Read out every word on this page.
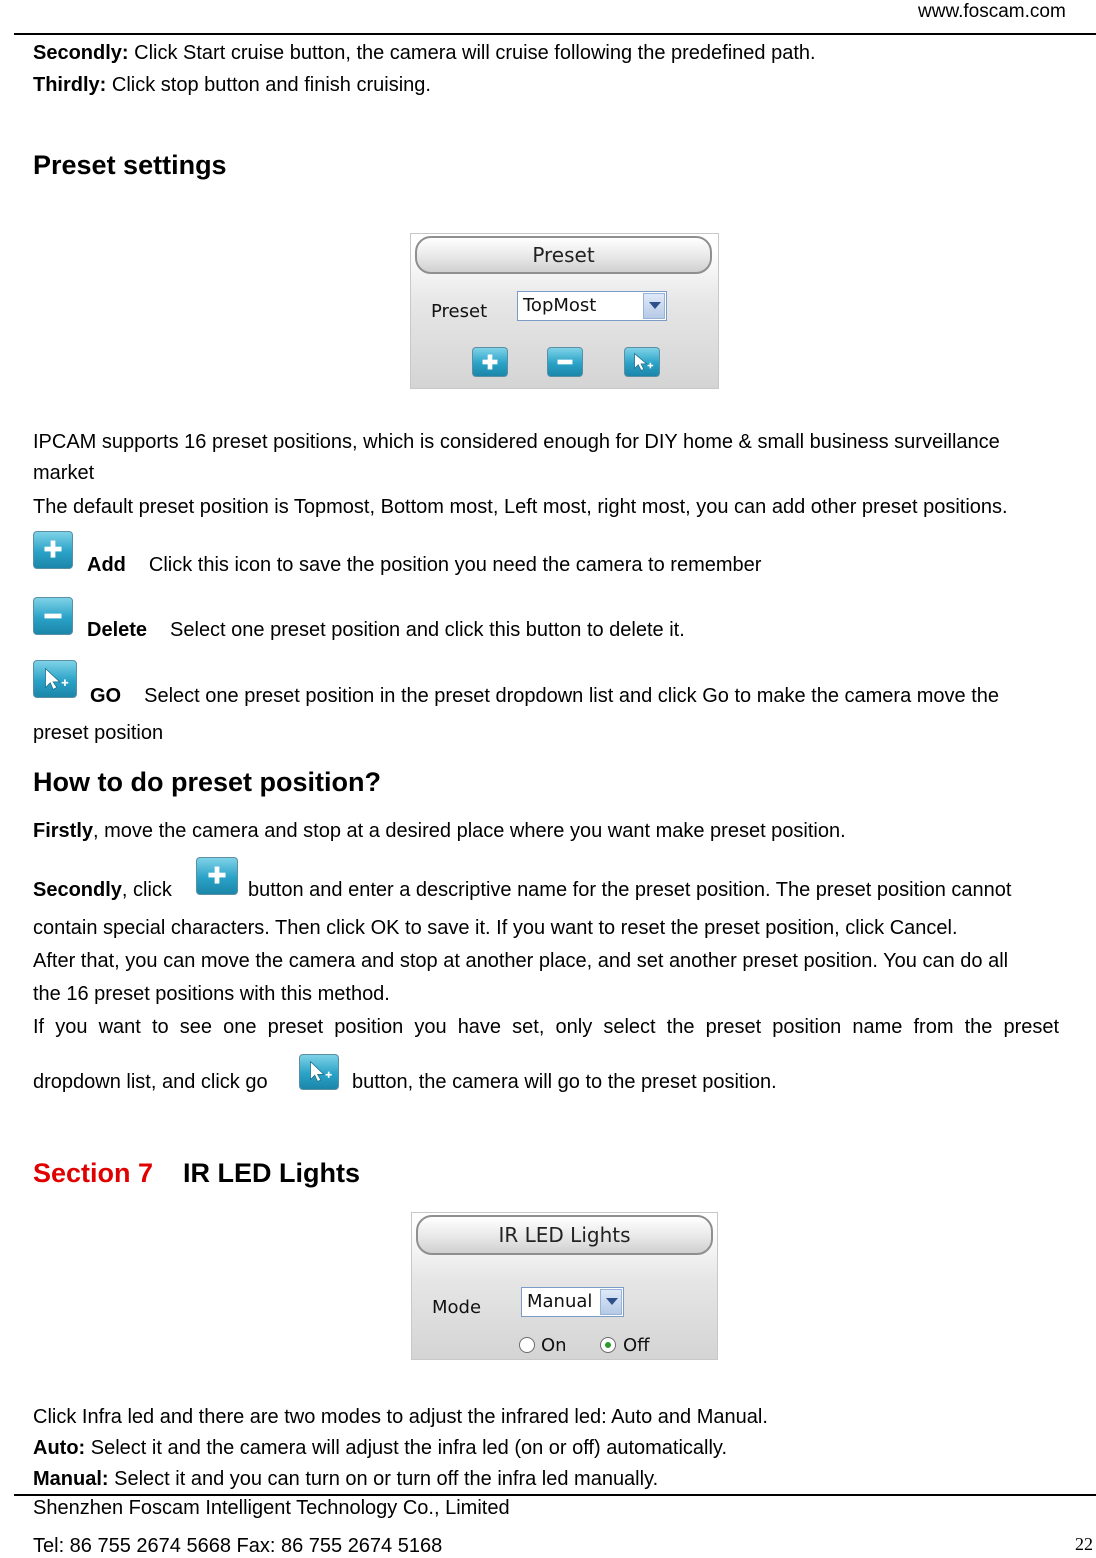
www.foscam.com
Secondly: Click Start cruise button, the camera will cruise following the predefined path.
Thirdly: Click stop button and finish cruising.
Preset settings
Preset
Preset	TopMost
IPCAM supports 16 preset positions, which is considered enough for DIY home & small business surveillance
market
The default preset position is Topmost, Bottom most, Left most, right most, you can add other preset positions.
Add Click this icon to save the position you need the camera to remember
Delete Select one preset position and click this button to delete it.
GO Select one preset position in the preset dropdown list and click Go to make the camera move the
preset position
How to do preset position?
Firstly, move the camera and stop at a desired place where you want make preset position.
Secondly, click	button and enter a descriptive name for the preset position. The preset position cannot
contain special characters. Then click OK to save it. If you want to reset the preset position, click Cancel.
After that, you can move the camera and stop at another place, and set another preset position. You can do all
the 16 preset positions with this method.
If  you  want  to  see  one  preset  position  you  have  set,  only  select  the  preset  position  name  from  the  preset
dropdown list, and click go	button, the camera will go to the preset position.
Section 7 IR LED Lights
IR LED Lights
Mode	Manual
On	Off
Click Infra led and there are two modes to adjust the infrared led: Auto and Manual.
Auto: Select it and the camera will adjust the infra led (on or off) automatically.
Manual: Select it and you can turn on or turn off the infra led manually.
Shenzhen Foscam Intelligent Technology Co., Limited
Tel: 86 755 2674 5668 Fax: 86 755 2674 5168	22
